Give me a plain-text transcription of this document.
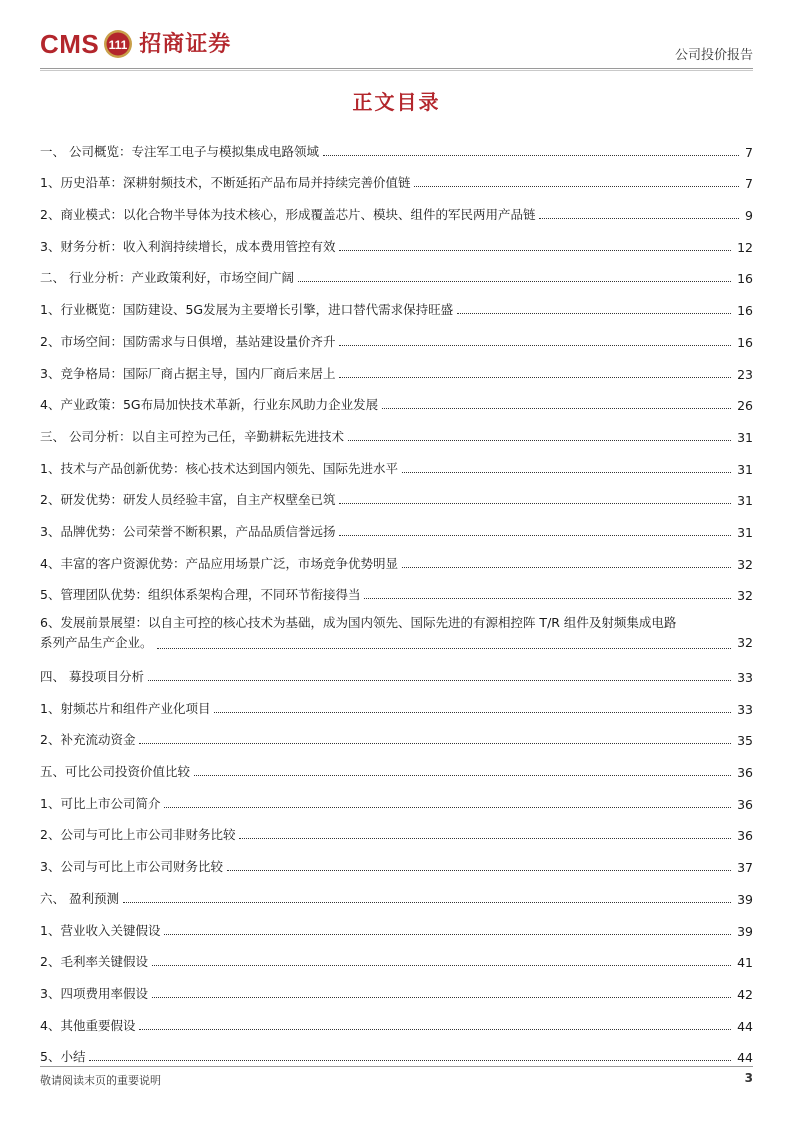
CMS 111 招商证券	公司投价报告
正文目录
一、 公司概览：专注军工电子与模拟集成电路领域	7
1、历史沿革：深耕射频技术，不断延拓产品布局并持续完善价值链	7
2、商业模式：以化合物半导体为技术核心，形成覆盖芯片、模块、组件的军民两用产品链	9
3、财务分析：收入利润持续增长，成本费用管控有效	12
二、 行业分析：产业政策利好，市场空间广阔	16
1、行业概览：国防建设、5G发展为主要增长引擎，进口替代需求保持旺盛	16
2、市场空间：国防需求与日俱增，基站建设量价齐升	16
3、竞争格局：国际厂商占据主导，国内厂商后来居上	23
4、产业政策：5G布局加快技术革新，行业东风助力企业发展	26
三、 公司分析：以自主可控为己任，辛勤耕耘先进技术	31
1、技术与产品创新优势：核心技术达到国内领先、国际先进水平	31
2、研发优势：研发人员经验丰富，自主产权壁垒已筑	31
3、品牌优势：公司荣誉不断积累，产品品质信誉远扬	31
4、丰富的客户资源优势：产品应用场景广泛，市场竞争优势明显	32
5、管理团队优势：组织体系架构合理，不同环节衔接得当	32
6、发展前景展望：以自主可控的核心技术为基础，成为国内领先、国际先进的有源相控阵 T/R 组件及射频集成电路
系列产品生产企业。	32
四、 募投项目分析	33
1、射频芯片和组件产业化项目	33
2、补充流动资金	35
五、可比公司投资价值比较	36
1、可比上市公司简介	36
2、公司与可比上市公司非财务比较	36
3、公司与可比上市公司财务比较	37
六、 盈利预测	39
1、营业收入关键假设	39
2、毛利率关键假设	41
3、四项费用率假设	42
4、其他重要假设	44
5、小结	44
敬请阅读末页的重要说明	3
